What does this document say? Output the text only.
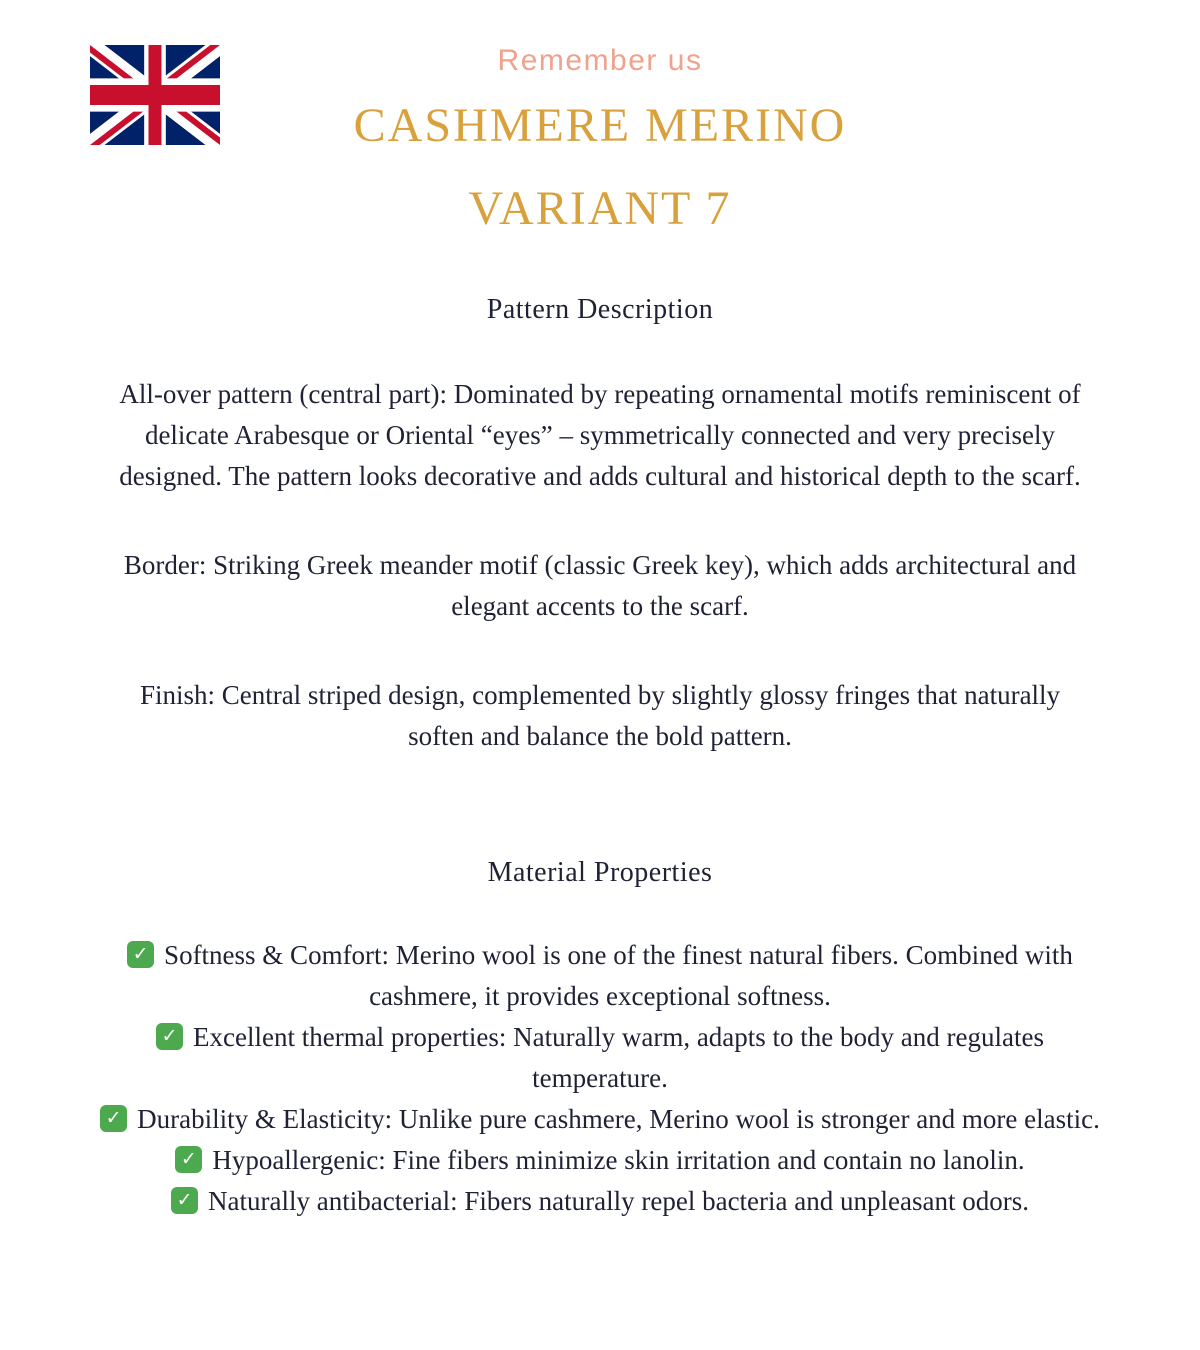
Remember us
CASHMERE MERINO
VARIANT 7
Pattern Description

All-over pattern (central part): Dominated by repeating ornamental motifs reminiscent of delicate Arabesque or Oriental “eyes” – symmetrically connected and very precisely designed. The pattern looks decorative and adds cultural and historical depth to the scarf.

Border: Striking Greek meander motif (classic Greek key), which adds architectural and elegant accents to the scarf.

Finish: Central striped design, complemented by slightly glossy fringes that naturally soften and balance the bold pattern.

Material Properties
✓Softness & Comfort: Merino wool is one of the finest natural fibers. Combined with cashmere, it provides exceptional softness.
✓Excellent thermal properties: Naturally warm, adapts to the body and regulates temperature.
✓Durability & Elasticity: Unlike pure cashmere, Merino wool is stronger and more elastic.
✓Hypoallergenic: Fine fibers minimize skin irritation and contain no lanolin.
✓Naturally antibacterial: Fibers naturally repel bacteria and unpleasant odors.
